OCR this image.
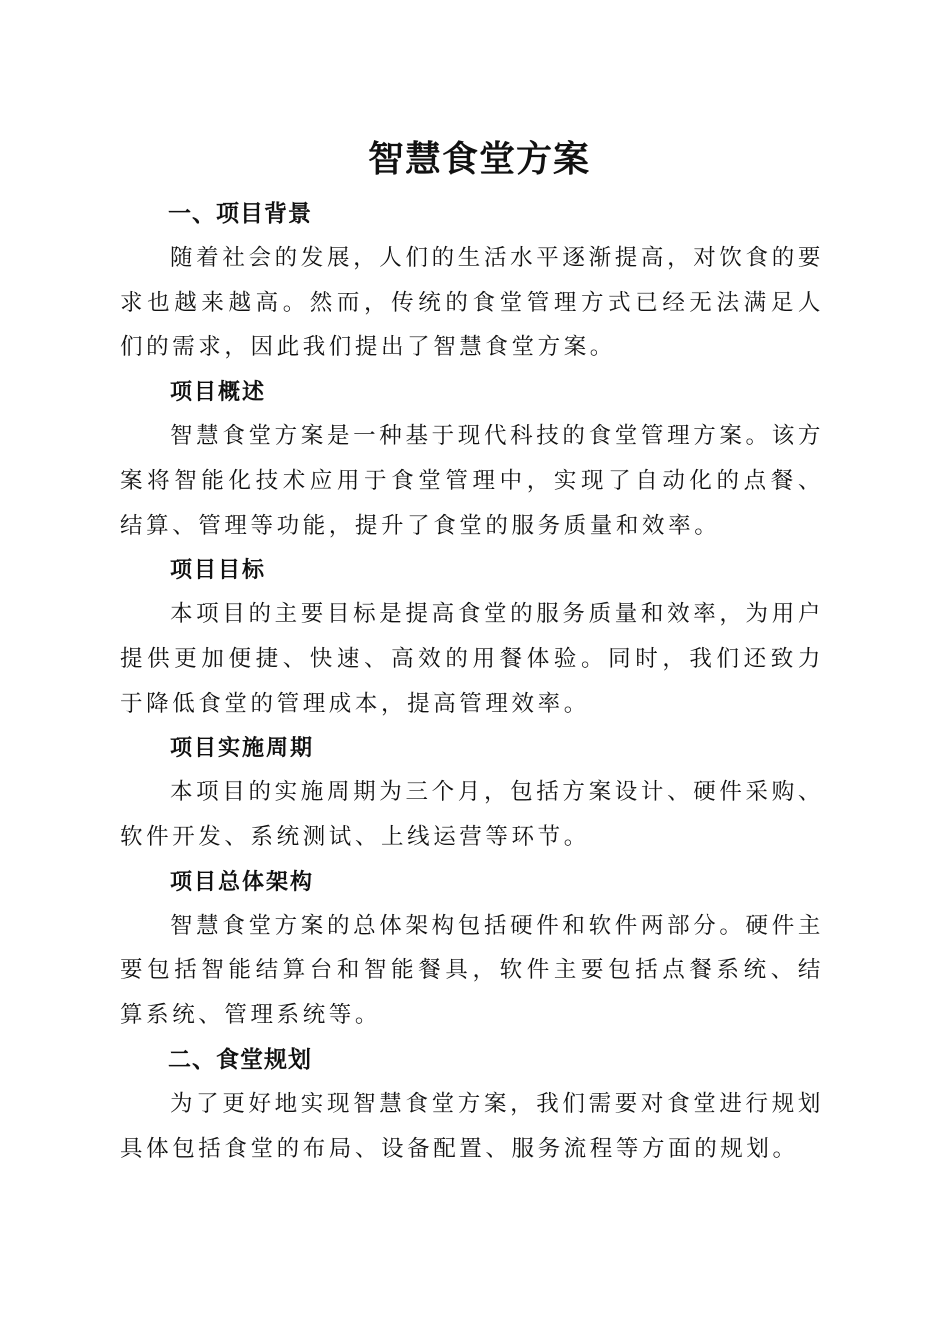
智慧食堂方案
一、项目背景

随着社会的发展，人们的生活水平逐渐提高，对饮食的要求也越来越高。然而，传统的食堂管理方式已经无法满足人们的需求，因此我们提出了智慧食堂方案。

项目概述

智慧食堂方案是一种基于现代科技的食堂管理方案。该方案将智能化技术应用于食堂管理中，实现了自动化的点餐、结算、管理等功能，提升了食堂的服务质量和效率。

项目目标

本项目的主要目标是提高食堂的服务质量和效率，为用户提供更加便捷、快速、高效的用餐体验。同时，我们还致力于降低食堂的管理成本，提高管理效率。

项目实施周期

本项目的实施周期为三个月，包括方案设计、硬件采购、软件开发、系统测试、上线运营等环节。

项目总体架构

智慧食堂方案的总体架构包括硬件和软件两部分。硬件主要包括智能结算台和智能餐具，软件主要包括点餐系统、结算系统、管理系统等。

二、食堂规划

为了更好地实现智慧食堂方案，我们需要对食堂进行规划具体包括食堂的布局、设备配置、服务流程等方面的规划。
